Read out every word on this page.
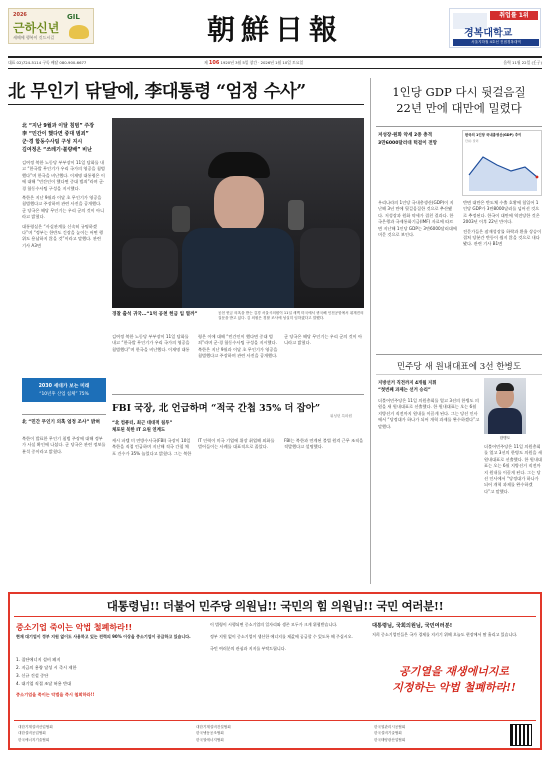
2026
근하신년
새해에 행복이 깃드시길
GIL	朝鮮日報	취업률 1위
경복대학교
서울지하철 4호선 진접경복대역
대표 02)724-5114 구독 배달 080-900-6677	제 106 1920년 3월 5일 창간 · 2026년 1월 10일 토요일	음력 11월 22일 (壬子)
北 무인기 닦달에, 李대통령 “엄정 수사”
北 “지난 9월과 이달 침범” 주장
李 “민간이 했다면 중대 범죄”
군·경 합동수사팀 구성 지시
김여정은 “쓰레기·불량배” 비난

김여정 북한 노동당 부부장이 11일 담화를 내고 “한국발 무인기가 우리 국가의 영공을 침범했다”며 한국을 비난했다. 이재명 대통령은 이에 대해 “민간인이 했다면 중대 범죄”라며 군·경 합동수사팀 구성을 지시했다.

북한은 지난 9월과 이달 초 무인기가 영공을 침범했다고 주장하며 관련 사진을 공개했다. 군 당국은 해당 무인기는 우리 군의 것이 아니라고 밝혔다.

대통령실은 “사실관계를 신속히 규명하겠다”며 “정부는 한반도 긴장을 높이는 어떤 행위도 용납하지 않을 것”이라고 말했다. 관련 기사 A3면

2030 세대가 보는 미래
“10년후 산업 침체” 75%
北 “민간 무인기 의혹 엄정 조사” 밝혀
북한이 발표한 무인기 침범 주장에 대해 정부가 사실 확인에 나섰다. 군 당국은 관련 정보를 분석 중이라고 밝혔다.
경찰 출석 귀국…“1억 공천 헌금 입 열까”	공천 헌금 의혹을 받는 김경 서울시의원이 11일 새벽 미국에서 귀국해 인천공항에서 취재진의 질문을 받고 있다. 김 의원은 경찰 조사에 성실히 임하겠다고 말했다.

김여정 북한 노동당 부부장이 11일 담화를 내고 “한국발 무인기가 우리 국가의 영공을 침범했다”며 한국을 비난했다. 이재명 대통령은 이에 대해 “민간인이 했다면 중대 범죄”라며 군·경 합동수사팀 구성을 지시했다.

북한은 지난 9월과 이달 초 무인기가 영공을 침범했다고 주장하며 관련 사진을 공개했다. 군 당국은 해당 무인기는 우리 군의 것이 아니라고 밝혔다.

FBI 국장, 北 언급하며 “적국 간첩 35% 더 잡아”
워싱턴 특파원
“北 컴퓨터, 최근 대대적 침투”
체포된 북한 IT 요원 연계도

캐시 파텔 미 연방수사국(FBI) 국장이 10일 북한을 직접 언급하며 지난해 적국 간첩 체포 건수가 35% 늘었다고 밝혔다. 그는 북한 IT 인력이 미국 기업에 위장 취업해 외화를 벌어들이는 사례를 대표적으로 꼽았다.

FBI는 북한과 연계된 불법 원격 근무 조직을 적발했다고 설명했다.

1인당 GDP 다시 뒷걸음질
22년 만에 대만에 밀렸다
저성장·원화 약세 2중 충격
3만6000달러대 턱걸이 전망
한국의 1인당 국내총생산(GDP) 추이
단위: 달러

우리나라의 1인당 국내총생산(GDP)이 지난해 3년 만에 뒷걸음질한 것으로 추산됐다. 저성장과 원화 약세가 겹친 결과다. 한국은행과 국제통화기금(IMF) 자료에 따르면 지난해 1인당 GDP는 3만6000달러대에 머문 것으로 보인다.

반면 대만은 반도체 수출 호황에 힘입어 1인당 GDP가 3만8000달러를 넘어선 것으로 추정된다. 한국이 대만에 역전당한 것은 2003년 이후 22년 만이다.

전문가들은 잠재성장률 하락과 환율 상승이 겹쳐 당분간 반등이 쉽지 않을 것으로 내다봤다. 관련 기사 B1면

민주당 새 원내대표에 3선 한병도
지방선거 직전까지 4개월 지휘
“첫번째 과제는 선거 승리”
한병도
더불어민주당은 11일 의원총회를 열고 3선의 한병도 의원을 새 원내대표로 선출했다. 한 원내대표는 오는 6월 지방선거 직전까지 원내를 이끌게 된다. 그는 당선 인사에서 “당정대가 하나가 되어 개혁 과제를 완수하겠다”고 말했다.
더불어민주당은 11일 의원총회를 열고 3선의 한병도 의원을 새 원내대표로 선출했다. 한 원내대표는 오는 6월 지방선거 직전까지 원내를 이끌게 된다. 그는 당선 인사에서 “당정대가 하나가 되어 개혁 과제를 완수하겠다”고 말했다.
대통령님!! 더불어 민주당 의원님!! 국민의 힘 의원님!! 국민 여러분!!
중소기업 죽이는 악법 철폐하라!!
현재 대기업이 정부 지원 없이도 사용하고 있는 전력의 90% 이상을 중소기업이 공급하고 있습니다.
1. 집단에너지 설비 폐지
2. 지금의 용량 달성 시 즉시 제한
3. 신규 건설 중단
4. 대기업 직접 조달 허용 반대
중소기업을 죽이는 악법을 즉시 철회하라!!

이 법령이 시행되면 중소기업의 일자리와 생존 모두가 크게 위협받습니다.

정부 지원 없이 중소기업이 생산한 에너지를 제값에 공급할 수 있도록 해 주십시오.

국민 여러분의 관심과 지지를 부탁드립니다.

대통령님, 국회의원님, 국민여러분!
저희 중소기업인들은 국가 경제를 지키기 위해 오늘도 현장에서 땀 흘리고 있습니다.
공기열을 재생에너지로
지정하는 악법 철폐하라!!
대한기계설비산업협회
대한설비공업협회
한국에너지기술협회
대한기계설비건설협회
한국냉동공조협회
한국열에너지협회
한국열관리시공협회
한국설비기술협회
한국태양광산업협회
